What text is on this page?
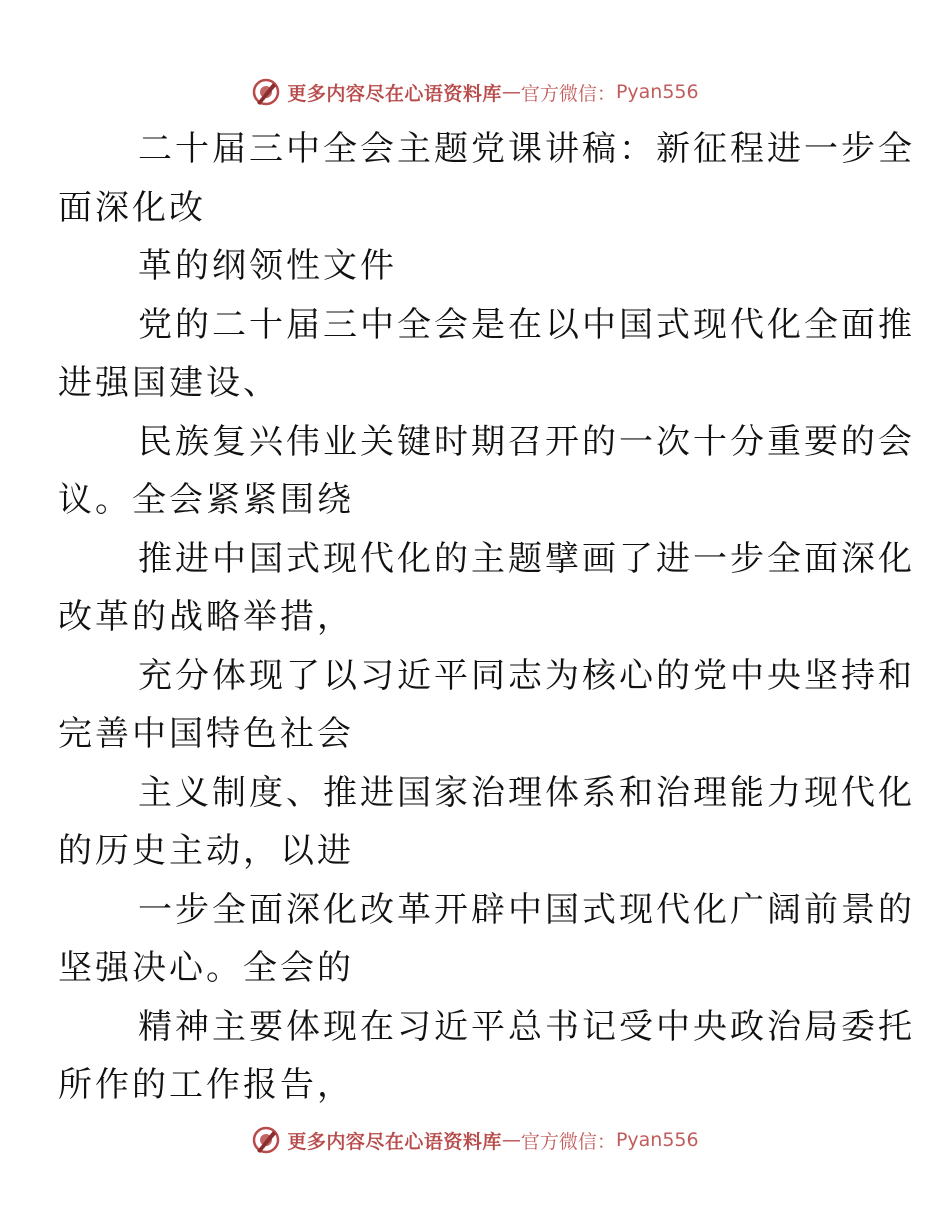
更多内容尽在心语资料库 — 官方微信： Pyan556

二十届三中全会主题党课讲稿：新征程进一步全
面深化改

革的纲领性文件

党的二十届三中全会是在以中国式现代化全面推
进强国建设、

民族复兴伟业关键时期召开的一次十分重要的会
议。全会紧紧围绕

推进中国式现代化的主题擘画了进一步全面深化
改革的战略举措，

充分体现了以习近平同志为核心的党中央坚持和
完善中国特色社会

主义制度、推进国家治理体系和治理能力现代化
的历史主动，以进

一步全面深化改革开辟中国式现代化广阔前景的
坚强决心。全会的

精神主要体现在习近平总书记受中央政治局委托
所作的工作报告，

更多内容尽在心语资料库 — 官方微信： Pyan556
